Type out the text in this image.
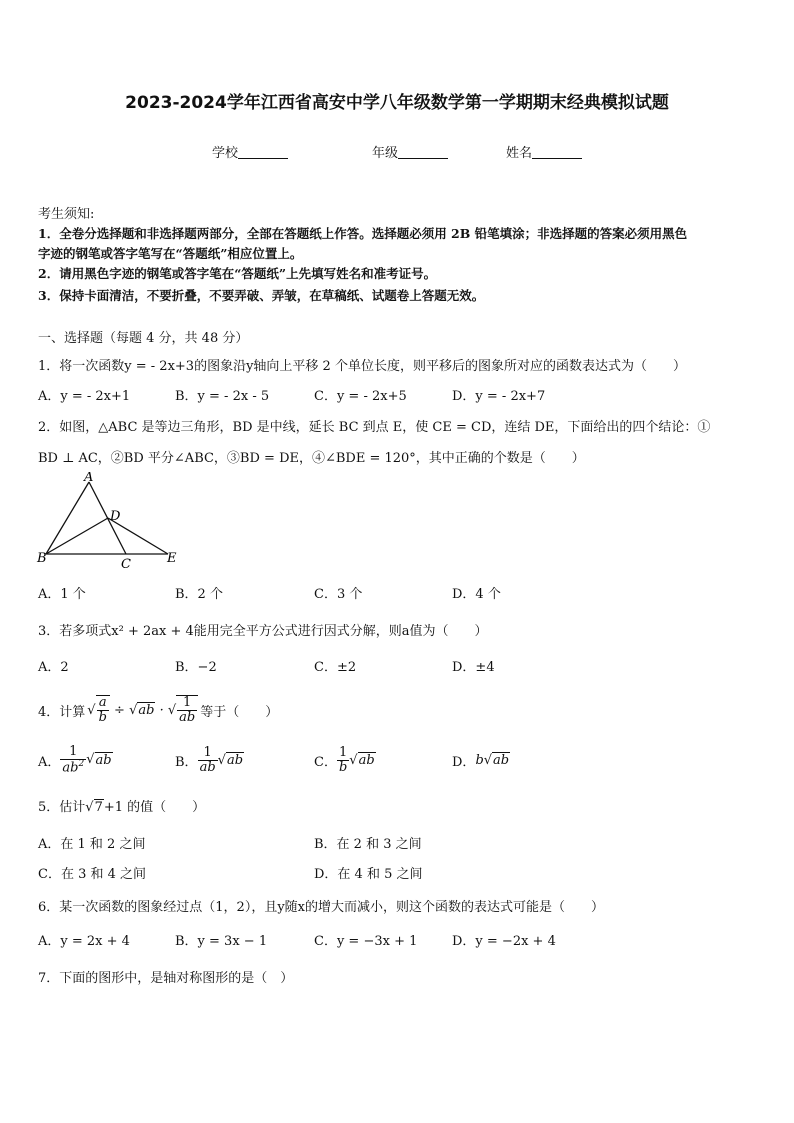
2023-2024学年江西省高安中学八年级数学第一学期期末经典模拟试题
学校	年级	姓名
考生须知:
1．全卷分选择题和非选择题两部分，全部在答题纸上作答。选择题必须用 2B 铅笔填涂；非选择题的答案必须用黑色
字迹的钢笔或答字笔写在“答题纸”相应位置上。
2．请用黑色字迹的钢笔或答字笔在“答题纸”上先填写姓名和准考证号。
3．保持卡面清洁，不要折叠，不要弄破、弄皱，在草稿纸、试题卷上答题无效。
一、选择题（每题 4 分，共 48 分）
1．将一次函数y = - 2x+3的图象沿y轴向上平移 2 个单位长度，则平移后的图象所对应的函数表达式为（　　）
A．y = - 2x+1	B．y = - 2x - 5	C．y = - 2x+5	D．y = - 2x+7
2．如图，△ABC 是等边三角形，BD 是中线，延长 BC 到点 E，使 CE = CD，连结 DE，下面给出的四个结论：①
BD ⊥ AC，②BD 平分∠ABC，③BD = DE，④∠BDE = 120°，其中正确的个数是（　　）
A
B	C
D
E
A．1 个	B．2 个	C．3 个	D．4 个
3．若多项式x² + 2ax + 4能用完全平方公式进行因式分解，则a值为（　　）
A．2	B．−2	C．±2	D．±4
4．计算 √ $\frac{a}{b}$ ÷ √ ab · √ $\frac{1}{ab}$ 等于（　　）
A． $\frac{1}{ab^2}$ √ ab	B． $\frac{1}{ab}$ √ ab	C． $\frac{1}{b}$ √ ab	D． b√ab
5．估计√7+1 的值（　　）
A．在 1 和 2 之间	B．在 2 和 3 之间
C．在 3 和 4 之间	D．在 4 和 5 之间
6．某一次函数的图象经过点（1，2），且y随x的增大而减小，则这个函数的表达式可能是（　　）
A．y = 2x + 4	B．y = 3x − 1	C．y = −3x + 1	D．y = −2x + 4
7．下面的图形中，是轴对称图形的是（　）
